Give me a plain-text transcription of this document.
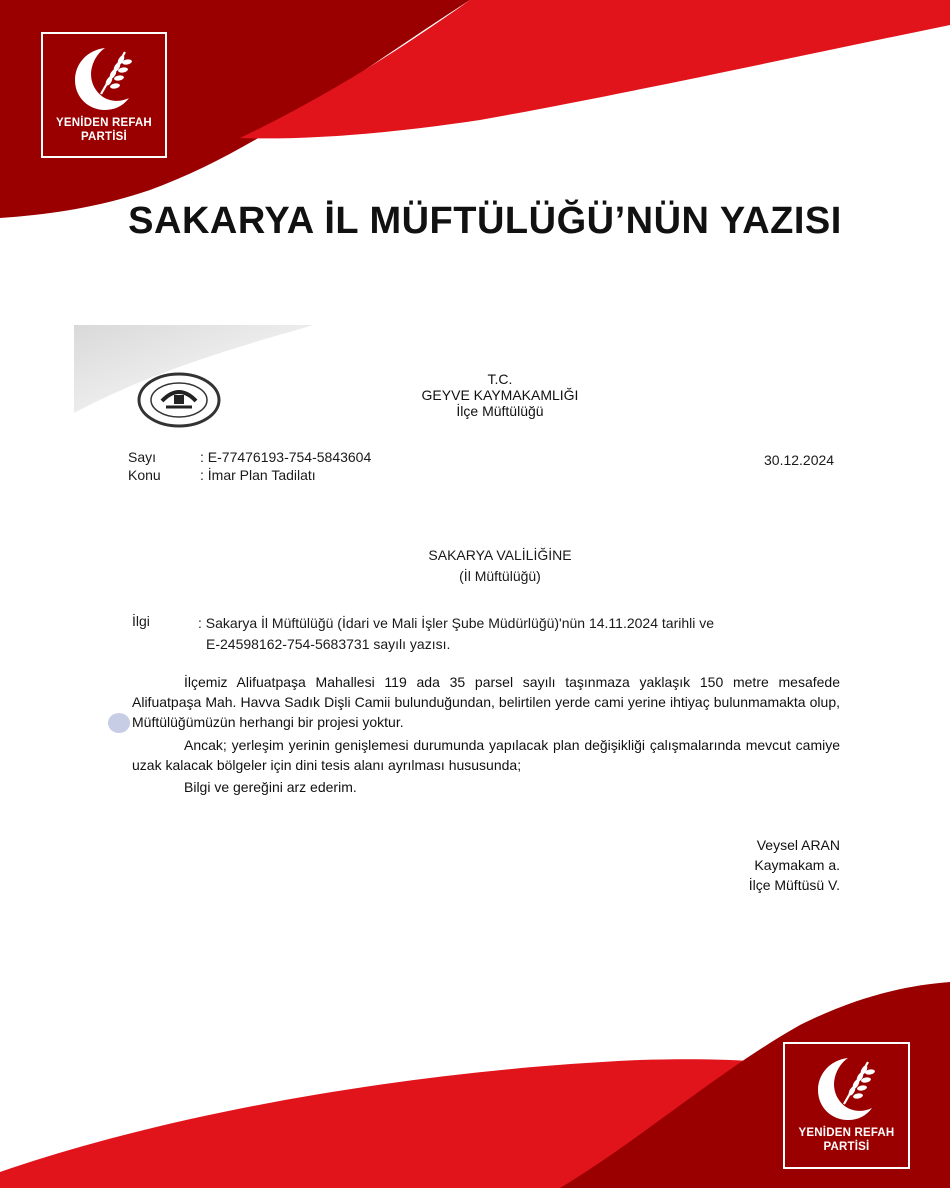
YENİDEN REFAH
PARTİSİ
SAKARYA İL MÜFTÜLÜĞÜ’NÜN YAZISI
T.C.
GEYVE KAYMAKAMLIĞI
İlçe Müftülüğü
Sayı	: E-77476193-754-5843604	30.12.2024
Konu	: İmar Plan Tadilatı
SAKARYA VALİLİĞİNE
(İl Müftülüğü)
İlgi	: Sakarya İl Müftülüğü (İdari ve Mali İşler Şube Müdürlüğü)'nün 14.11.2024 tarihli ve
E-24598162-754-5683731 sayılı yazısı.
İlçemiz Alifuatpaşa Mahallesi 119 ada 35 parsel sayılı taşınmaza yaklaşık 150 metre mesafede Alifuatpaşa Mah. Havva Sadık Dişli Camii bulunduğundan, belirtilen yerde cami yerine ihtiyaç bulunmamakta olup, Müftülüğümüzün herhangi bir projesi yoktur.
Ancak; yerleşim yerinin genişlemesi durumunda yapılacak plan değişikliği çalışmalarında mevcut camiye uzak kalacak bölgeler için dini tesis alanı ayrılması hususunda;
Bilgi ve gereğini arz ederim.
Veysel ARAN
Kaymakam a.
İlçe Müftüsü V.
YENİDEN REFAH
PARTİSİ
